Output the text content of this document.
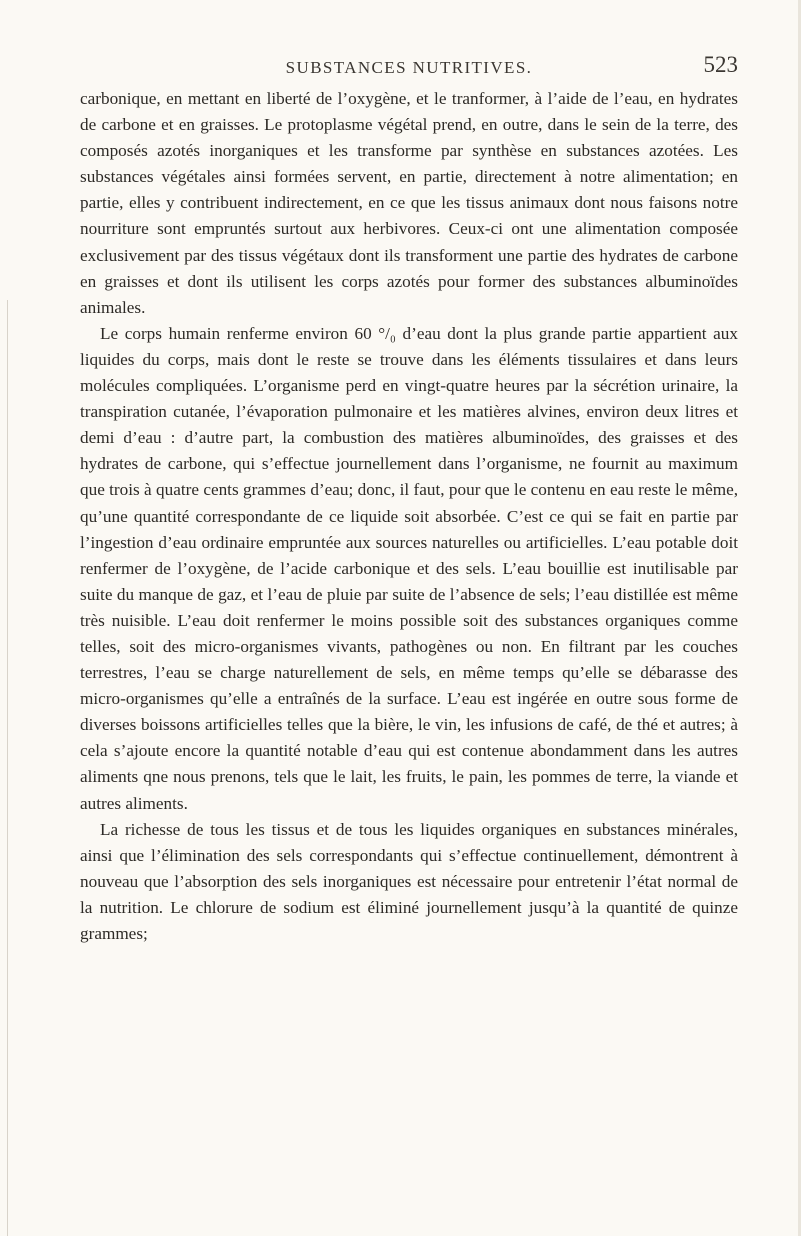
SUBSTANCES NUTRITIVES.	523

carbonique, en mettant en liberté de l’oxygène, et le tranformer, à l’aide de l’eau, en hydrates de carbone et en graisses. Le protoplasme végétal prend, en outre, dans le sein de la terre, des composés azotés inorganiques et les transforme par synthèse en substances azotées. Les substances végétales ainsi formées servent, en partie, directement à notre alimentation; en partie, elles y contribuent indirectement, en ce que les tissus animaux dont nous faisons notre nourriture sont empruntés surtout aux herbivores. Ceux-ci ont une alimentation composée exclusivement par des tissus végétaux dont ils transforment une partie des hydrates de carbone en graisses et dont ils utilisent les corps azotés pour former des substances albuminoïdes animales.

Le corps humain renferme environ 60 °/₀ d’eau dont la plus grande partie appartient aux liquides du corps, mais dont le reste se trouve dans les éléments tissulaires et dans leurs molécules compliquées. L’organisme perd en vingt-quatre heures par la sécrétion urinaire, la transpiration cutanée, l’évaporation pulmonaire et les matières alvines, environ deux litres et demi d’eau : d’autre part, la combustion des matières albuminoïdes, des graisses et des hydrates de carbone, qui s’effectue journellement dans l’organisme, ne fournit au maximum que trois à quatre cents grammes d’eau; donc, il faut, pour que le contenu en eau reste le même, qu’une quantité correspondante de ce liquide soit absorbée. C’est ce qui se fait en partie par l’ingestion d’eau ordinaire empruntée aux sources naturelles ou artificielles. L’eau potable doit renfermer de l’oxygène, de l’acide carbonique et des sels. L’eau bouillie est inutilisable par suite du manque de gaz, et l’eau de pluie par suite de l’absence de sels; l’eau distillée est même très nuisible. L’eau doit renfermer le moins possible soit des substances organiques comme telles, soit des micro-organismes vivants, pathogènes ou non. En filtrant par les couches terrestres, l’eau se charge naturellement de sels, en même temps qu’elle se débarasse des micro-organismes qu’elle a entraînés de la surface. L’eau est ingérée en outre sous forme de diverses boissons artificielles telles que la bière, le vin, les infusions de café, de thé et autres; à cela s’ajoute encore la quantité notable d’eau qui est contenue abondamment dans les autres aliments qne nous prenons, tels que le lait, les fruits, le pain, les pommes de terre, la viande et autres aliments.

La richesse de tous les tissus et de tous les liquides organiques en substances minérales, ainsi que l’élimination des sels correspondants qui s’effectue continuellement, démontrent à nouveau que l’absorption des sels inorganiques est nécessaire pour entretenir l’état normal de la nutrition. Le chlorure de sodium est éliminé journellement jusqu’à la quantité de quinze grammes;
